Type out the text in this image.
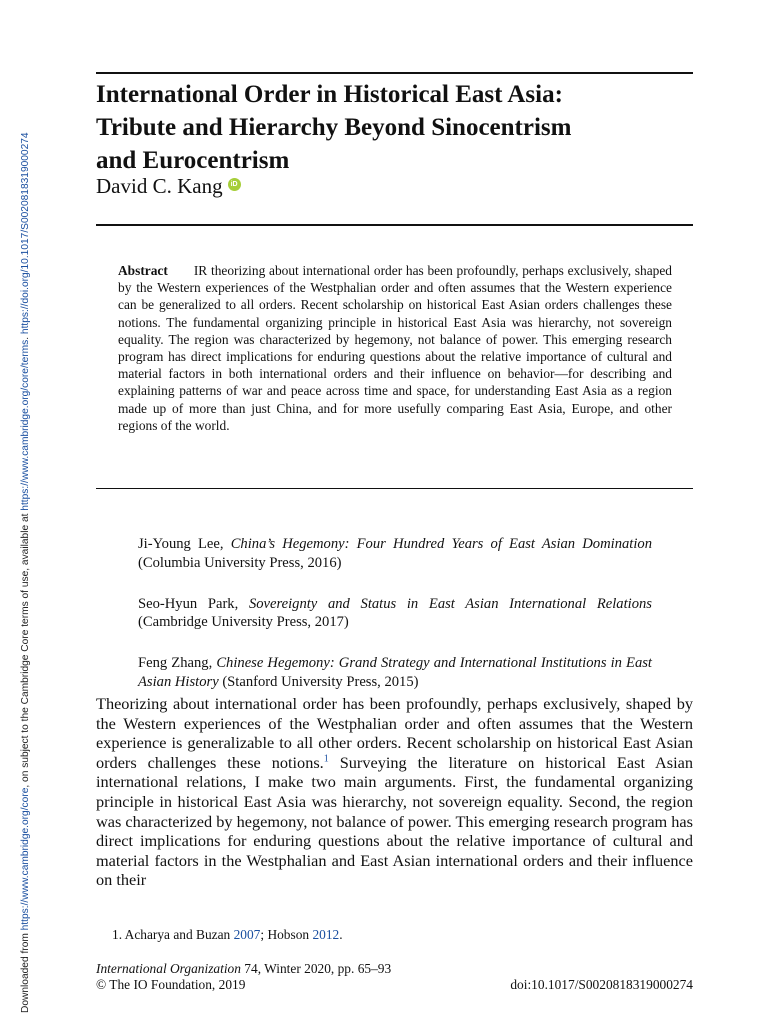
Downloaded from https://www.cambridge.org/core, on subject to the Cambridge Core terms of use, available at https://www.cambridge.org/core/terms. https://doi.org/10.1017/S0020818319000274
International Order in Historical East Asia:
Tribute and Hierarchy Beyond Sinocentrism
and Eurocentrism
David C. Kang	iD

Abstract IR theorizing about international order has been profoundly, perhaps exclusively, shaped by the Western experiences of the Westphalian order and often assumes that the Western experience can be generalized to all orders. Recent scholarship on historical East Asian orders challenges these notions. The fundamental organizing principle in historical East Asia was hierarchy, not sovereign equality. The region was characterized by hegemony, not balance of power. This emerging research program has direct implications for enduring questions about the relative importance of cultural and material factors in both international orders and their influence on behavior—for describing and explaining patterns of war and peace across time and space, for understanding East Asia as a region made up of more than just China, and for more usefully comparing East Asia, Europe, and other regions of the world.

Ji-Young Lee, China’s Hegemony: Four Hundred Years of East Asian Domination (Columbia University Press, 2016)

Seo-Hyun Park, Sovereignty and Status in East Asian International Relations (Cambridge University Press, 2017)

Feng Zhang, Chinese Hegemony: Grand Strategy and International Institutions in East Asian History (Stanford University Press, 2015)

Theorizing about international order has been profoundly, perhaps exclusively, shaped by the Western experiences of the Westphalian order and often assumes that the Western experience is generalizable to all other orders. Recent scholarship on historical East Asian orders challenges these notions.$^1$ Surveying the literature on historical East Asian international relations, I make two main arguments. First, the fundamental organizing principle in historical East Asia was hierarchy, not sovereign equality. Second, the region was characterized by hegemony, not balance of power. This emerging research program has direct implications for enduring questions about the relative importance of cultural and material factors in the Westphalian and East Asian international orders and their influence on their

1. Acharya and Buzan 2007; Hobson 2012.
International Organization 74, Winter 2020, pp. 65–93
© The IO Foundation, 2019	doi:10.1017/S0020818319000274
